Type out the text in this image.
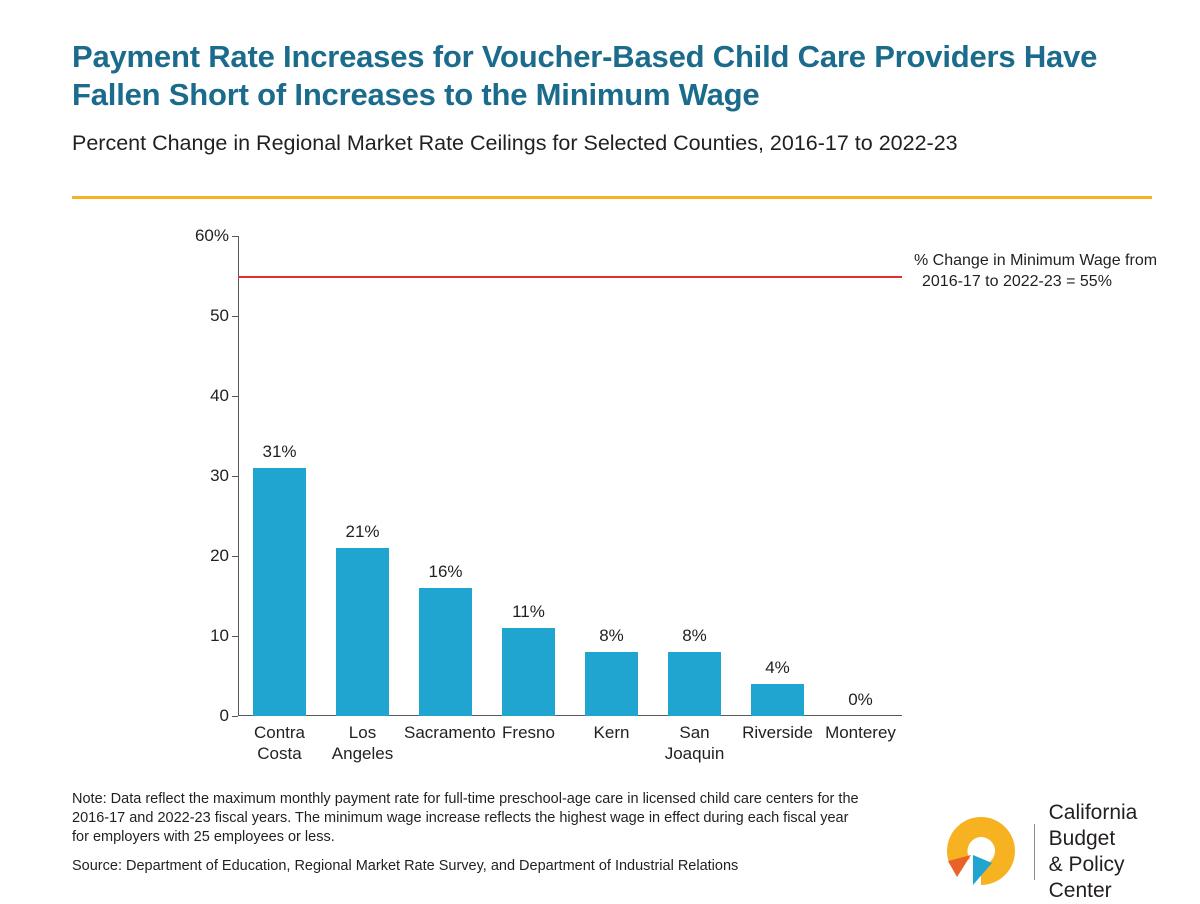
Payment Rate Increases for Voucher-Based Child Care Providers Have Fallen Short of Increases to the Minimum Wage

Percent Change in Regional Market Rate Ceilings for Selected Counties, 2016-17 to 2022-23

0
10
20
30
40
50
60%
31%
21%
16%
11%
8%	8%
4%
0%
% Change in Minimum Wage from
2016-17 to 2022-23 = 55%
Contra
Costa
Los
Angeles
Sacramento Fresno	Kern	San
Joaquin
Riverside Monterey
Note: Data reflect the maximum monthly payment rate for full-time preschool-age care in licensed child care centers for the 2016-17 and 2022-23 fiscal years. The minimum wage increase reflects the highest wage in effect during each fiscal year for employers with 25 employees or less.
Source: Department of Education, Regional Market Rate Survey, and Department of Industrial Relations
California Budget
& Policy Center
